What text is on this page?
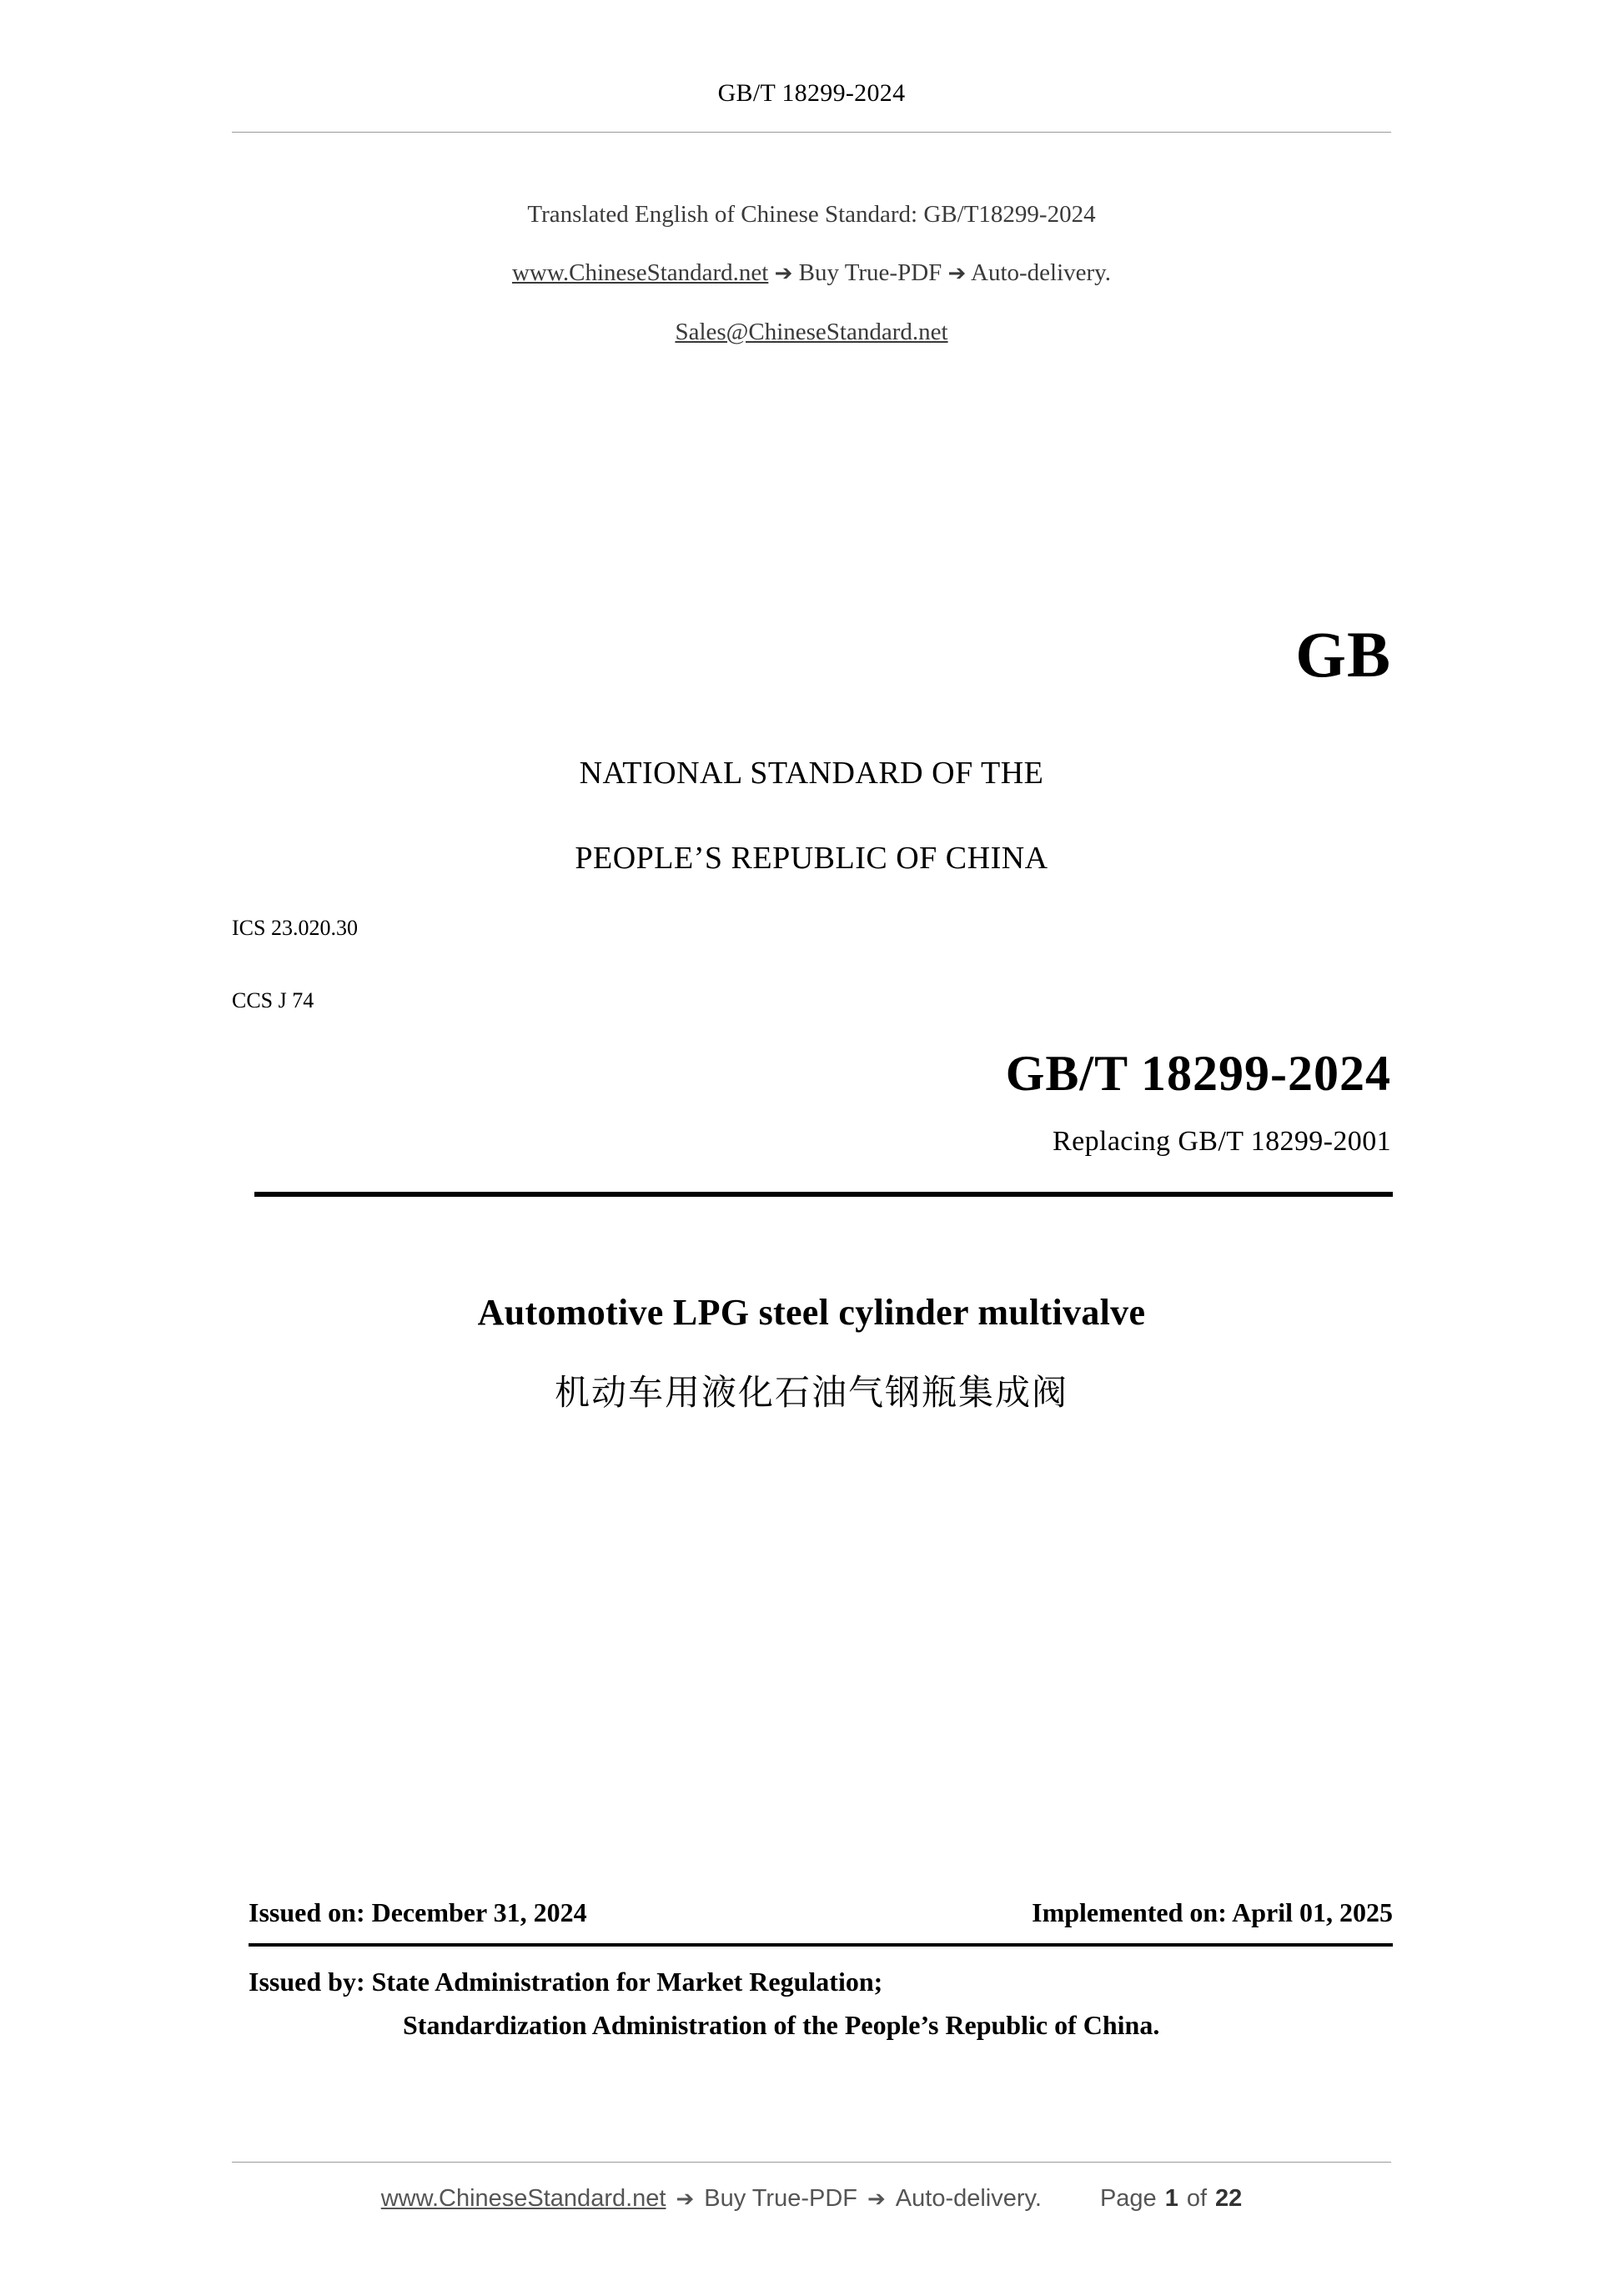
GB/T 18299-2024
Translated English of Chinese Standard: GB/T18299-2024
www.ChineseStandard.net ➔ Buy True-PDF ➔ Auto-delivery.
Sales@ChineseStandard.net
GB
NATIONAL STANDARD OF THE
PEOPLE’S REPUBLIC OF CHINA
ICS 23.020.30
CCS J 74
GB/T 18299-2024
Replacing GB/T 18299-2001
Automotive LPG steel cylinder multivalve
机动车用液化石油气钢瓶集成阀
Issued on: December 31, 2024	Implemented on: April 01, 2025
Issued by: State Administration for Market Regulation;
Standardization Administration of the People’s Republic of China.
www.ChineseStandard.net ➔ Buy True-PDF ➔ Auto-delivery. Page 1 of 22
